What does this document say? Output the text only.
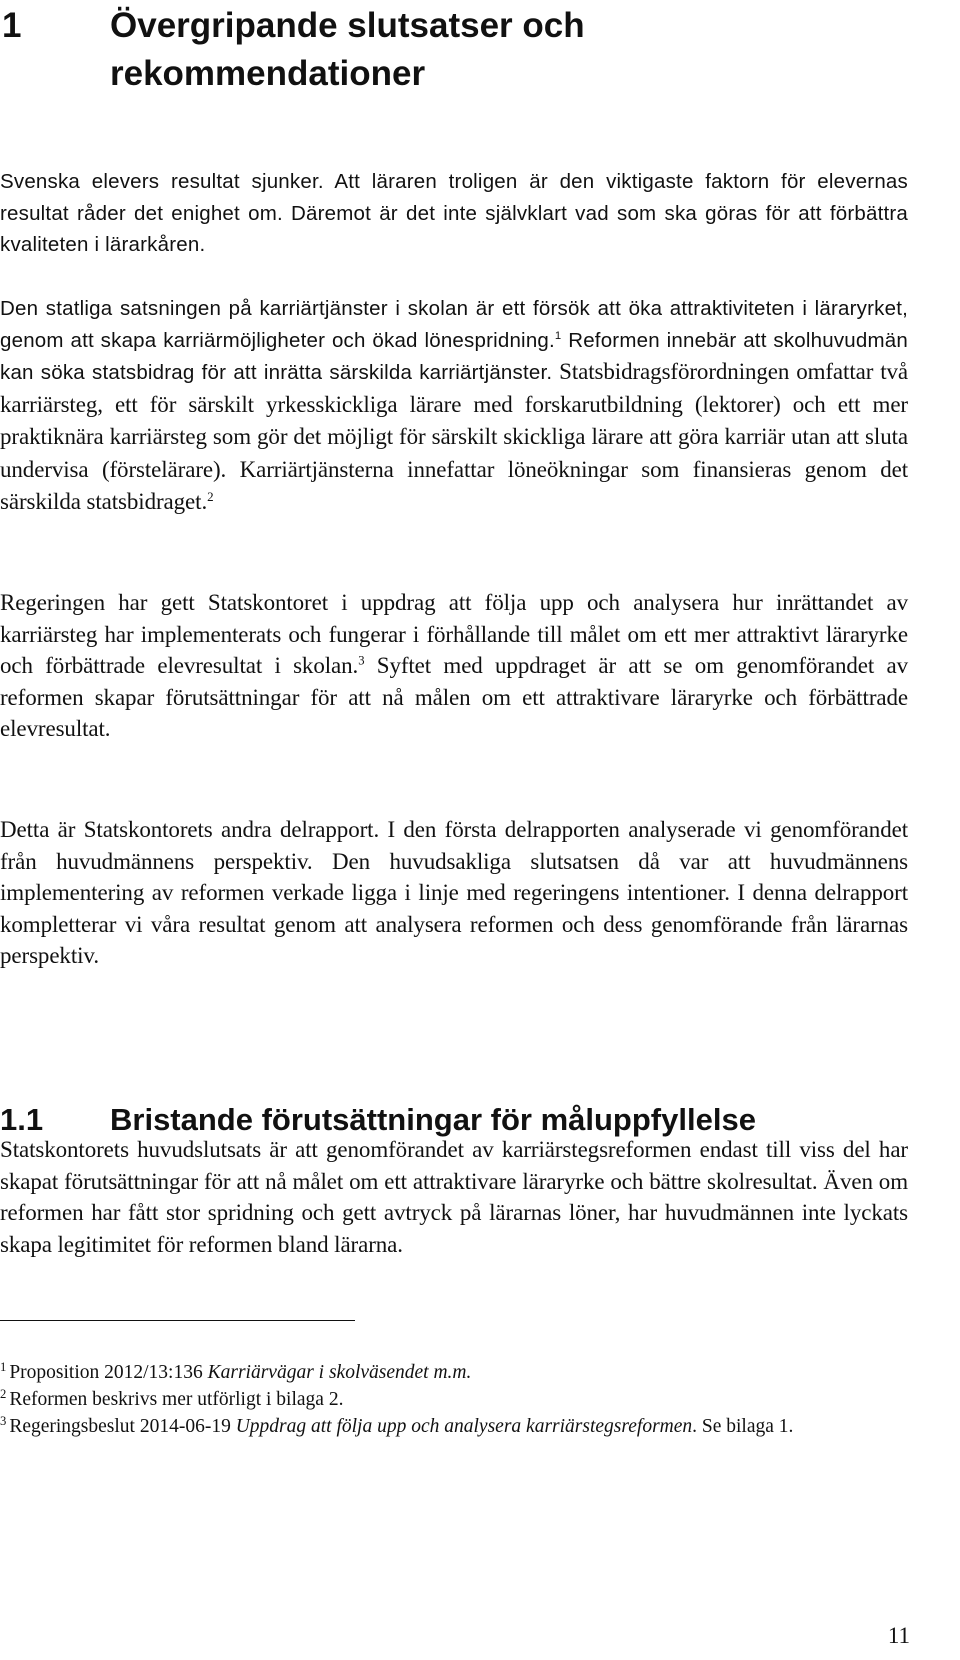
1	Övergripande slutsatser och rekommendationer

Svenska elevers resultat sjunker. Att läraren troligen är den viktigaste faktorn för elevernas resultat råder det enighet om. Däremot är det inte självklart vad som ska göras för att förbättra kvaliteten i lärarkåren.

Den statliga satsningen på karriärtjänster i skolan är ett försök att öka attraktiviteten i läraryrket, genom att skapa karriärmöjligheter och ökad lönespridning.$^1$ Reformen innebär att skolhuvudmän kan söka statsbidrag för att inrätta särskilda karriärtjänster. Statsbidragsförordningen omfattar två karriärsteg, ett för särskilt yrkesskickliga lärare med forskarutbildning (lektorer) och ett mer praktiknära karriärsteg som gör det möjligt för särskilt skickliga lärare att göra karriär utan att sluta undervisa (förstelärare). Karriärtjänsterna innefattar löneökningar som finansieras genom det särskilda statsbidraget.$^2$

Regeringen har gett Statskontoret i uppdrag att följa upp och analysera hur inrättandet av karriärsteg har implementerats och fungerar i förhållande till målet om ett mer attraktivt läraryrke och förbättrade elevresultat i skolan.$^3$ Syftet med uppdraget är att se om genomförandet av reformen skapar förutsättningar för att nå målen om ett attraktivare läraryrke och förbättrade elevresultat.

Detta är Statskontorets andra delrapport. I den första delrapporten analyserade vi genomförandet från huvudmännens perspektiv. Den huvudsakliga slutsatsen då var att huvudmännens implementering av reformen verkade ligga i linje med regeringens intentioner. I denna delrapport kompletterar vi våra resultat genom att analysera reformen och dess genomförande från lärarnas perspektiv.

1.1 Bristande förutsättningar för måluppfyllelse

Statskontorets huvudslutsats är att genomförandet av karriärstegsreformen endast till viss del har skapat förutsättningar för att nå målet om ett attraktivare läraryrke och bättre skolresultat. Även om reformen har fått stor spridning och gett avtryck på lärarnas löner, har huvudmännen inte lyckats skapa legitimitet för reformen bland lärarna.

$^1$ Proposition 2012/13:136 Karriärvägar i skolväsendet m.m.

$^2$ Reformen beskrivs mer utförligt i bilaga 2.

$^3$ Regeringsbeslut 2014-06-19 Uppdrag att följa upp och analysera karriärstegsreformen. Se bilaga 1.

11
